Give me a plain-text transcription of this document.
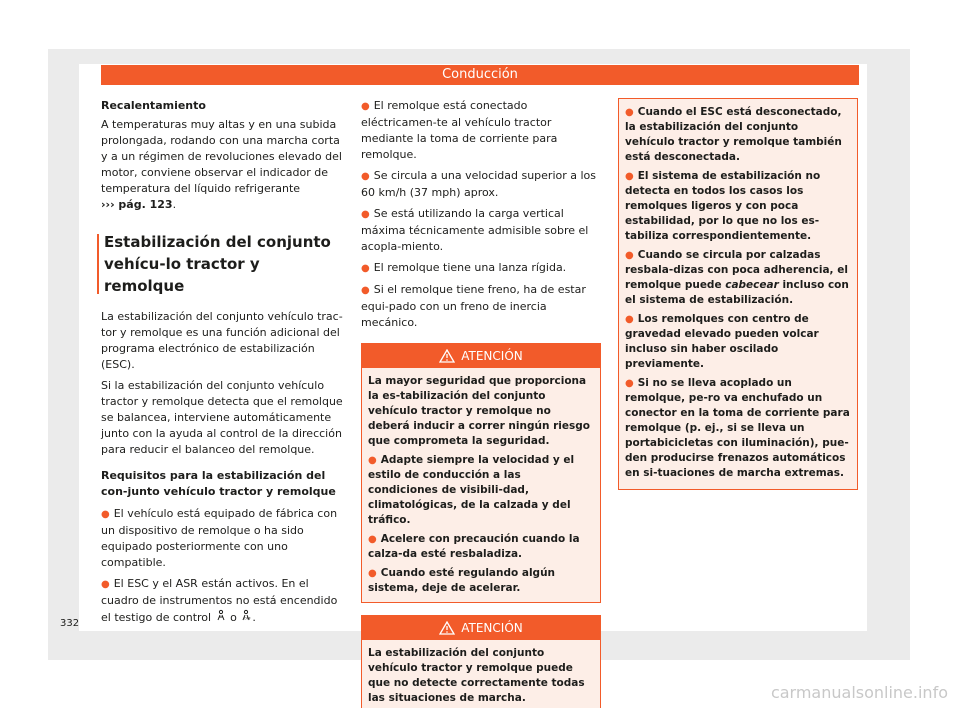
Conducción

Recalentamiento

A temperaturas muy altas y en una subida prolongada, rodando con una marcha corta y a un régimen de revoluciones elevado del motor, conviene observar el indicador de temperatura del líquido refrigerante
››› pág. 123.

Estabilización del conjunto vehícu-lo tractor y remolque

La estabilización del conjunto vehículo trac-tor y remolque es una función adicional del programa electrónico de estabilización (ESC).

Si la estabilización del conjunto vehículo tractor y remolque detecta que el remolque se balancea, interviene automáticamente junto con la ayuda al control de la dirección para reducir el balanceo del remolque.

Requisitos para la estabilización del con-junto vehículo tractor y remolque

● El vehículo está equipado de fábrica con un dispositivo de remolque o ha sido equipado posteriormente con uno compatible.

● El ESC y el ASR están activos. En el cuadro de instrumentos no está encendido el testigo de control o OFF .

● El remolque está conectado eléctricamen-te al vehículo tractor mediante la toma de corriente para remolque.

● Se circula a una velocidad superior a los 60 km/h (37 mph) aprox.

● Se está utilizando la carga vertical máxima técnicamente admisible sobre el acopla-miento.

● El remolque tiene una lanza rígida.

● Si el remolque tiene freno, ha de estar equi-pado con un freno de inercia mecánico.

ATENCIÓN

La mayor seguridad que proporciona la es-tabilización del conjunto vehículo tractor y remolque no deberá inducir a correr ningún riesgo que comprometa la seguridad.

● Adapte siempre la velocidad y el estilo de conducción a las condiciones de visibili-dad, climatológicas, de la calzada y del tráfico.

● Acelere con precaución cuando la calza-da esté resbaladiza.

● Cuando esté regulando algún sistema, deje de acelerar.

ATENCIÓN

La estabilización del conjunto vehículo tractor y remolque puede que no detecte correctamente todas las situaciones de marcha.

● Cuando el ESC está desconectado, la estabilización del conjunto vehículo tractor y remolque también está desconectada.

● El sistema de estabilización no detecta en todos los casos los remolques ligeros y con poca estabilidad, por lo que no los es-tabiliza correspondientemente.

● Cuando se circula por calzadas resbala-dizas con poca adherencia, el remolque puede cabecear incluso con el sistema de estabilización.

● Los remolques con centro de gravedad elevado pueden volcar incluso sin haber oscilado previamente.

● Si no se lleva acoplado un remolque, pe-ro va enchufado un conector en la toma de corriente para remolque (p. ej., si se lleva un portabicicletas con iluminación), pue-den producirse frenazos automáticos en si-tuaciones de marcha extremas.

332
carmanualsonline.info
